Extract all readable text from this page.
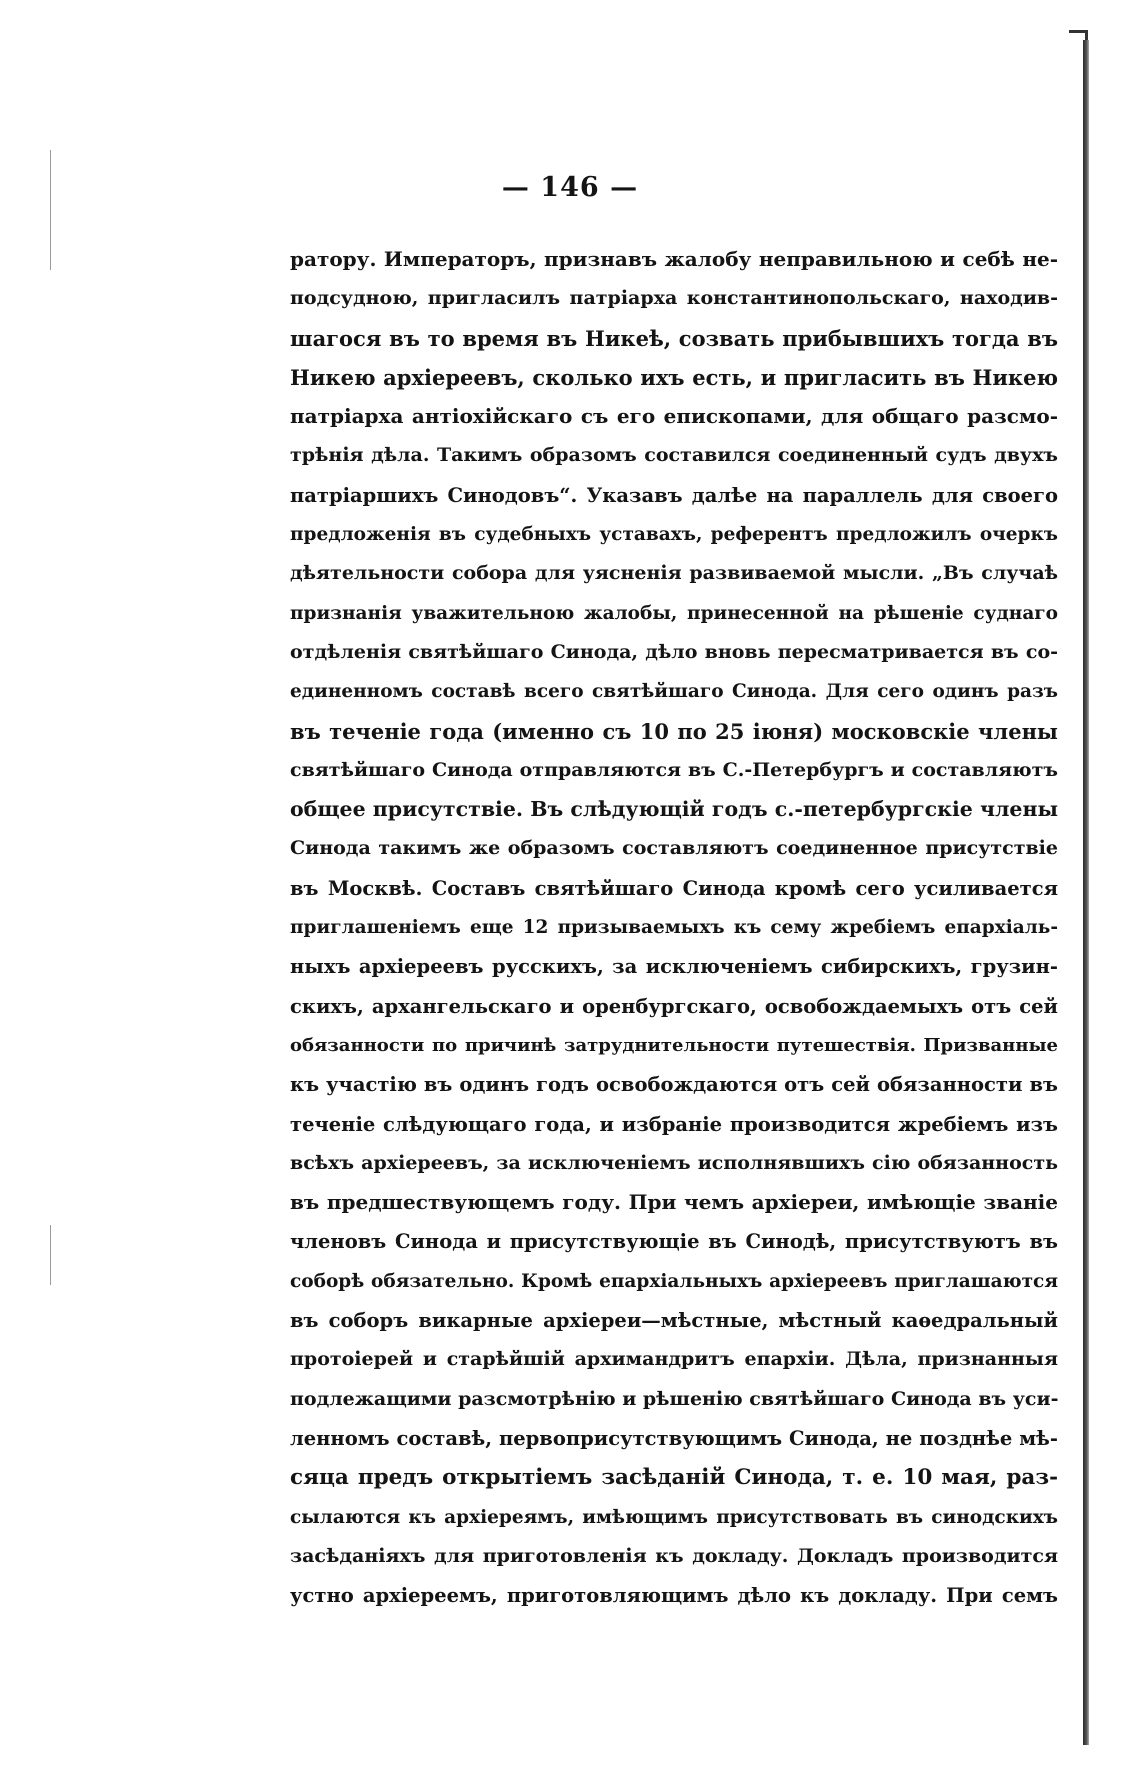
— 146 —
ратору. Императоръ, признавъ жалобу неправильною и себѣ не-
подсудною, пригласилъ патріарха константинопольскаго, находив-
шагося въ то время въ Никеѣ, созвать прибывшихъ тогда въ
Никею архіереевъ, сколько ихъ есть, и пригласить въ Никею
патріарха антіохійскаго съ его епископами, для общаго разсмо-
трѣнія дѣла. Такимъ образомъ составился соединенный судъ двухъ
патріаршихъ Синодовъ“. Указавъ далѣе на параллель для своего
предложенія въ судебныхъ уставахъ, референтъ предложилъ очеркъ
дѣятельности собора для уясненія развиваемой мысли. „Въ случаѣ
признанія уважительною жалобы, принесенной на рѣшеніе суднаго
отдѣленія святѣйшаго Синода, дѣло вновь пересматривается въ со-
единенномъ составѣ всего святѣйшаго Синода. Для сего одинъ разъ
въ теченіе года (именно съ 10 по 25 іюня) московскіе члены
святѣйшаго Синода отправляются въ С.-Петербургъ и составляютъ
общее присутствіе. Въ слѣдующій годъ с.-петербургскіе члены
Синода такимъ же образомъ составляютъ соединенное присутствіе
въ Москвѣ. Составъ святѣйшаго Синода кромѣ сего усиливается
приглашеніемъ еще 12 призываемыхъ къ сему жребіемъ епархіаль-
ныхъ архіереевъ русскихъ, за исключеніемъ сибирскихъ, грузин-
скихъ, архангельскаго и оренбургскаго, освобождаемыхъ отъ сей
обязанности по причинѣ затруднительности путешествія. Призванные
къ участію въ одинъ годъ освобождаются отъ сей обязанности въ
теченіе слѣдующаго года, и избраніе производится жребіемъ изъ
всѣхъ архіереевъ, за исключеніемъ исполнявшихъ сію обязанность
въ предшествующемъ году. При чемъ архіереи, имѣющіе званіе
членовъ Синода и присутствующіе въ Синодѣ, присутствуютъ въ
соборѣ обязательно. Кромѣ епархіальныхъ архіереевъ приглашаются
въ соборъ викарные архіереи—мѣстные, мѣстный каѳедральный
протоіерей и старѣйшій архимандритъ епархіи. Дѣла, признанныя
подлежащими разсмотрѣнію и рѣшенію святѣйшаго Синода въ уси-
ленномъ составѣ, первоприсутствующимъ Синода, не позднѣе мѣ-
сяца предъ открытіемъ засѣданій Синода, т. е. 10 мая, раз-
сылаются къ архіереямъ, имѣющимъ присутствовать въ синодскихъ
засѣданіяхъ для приготовленія къ докладу. Докладъ производится
устно архіереемъ, приготовляющимъ дѣло къ докладу. При семъ
